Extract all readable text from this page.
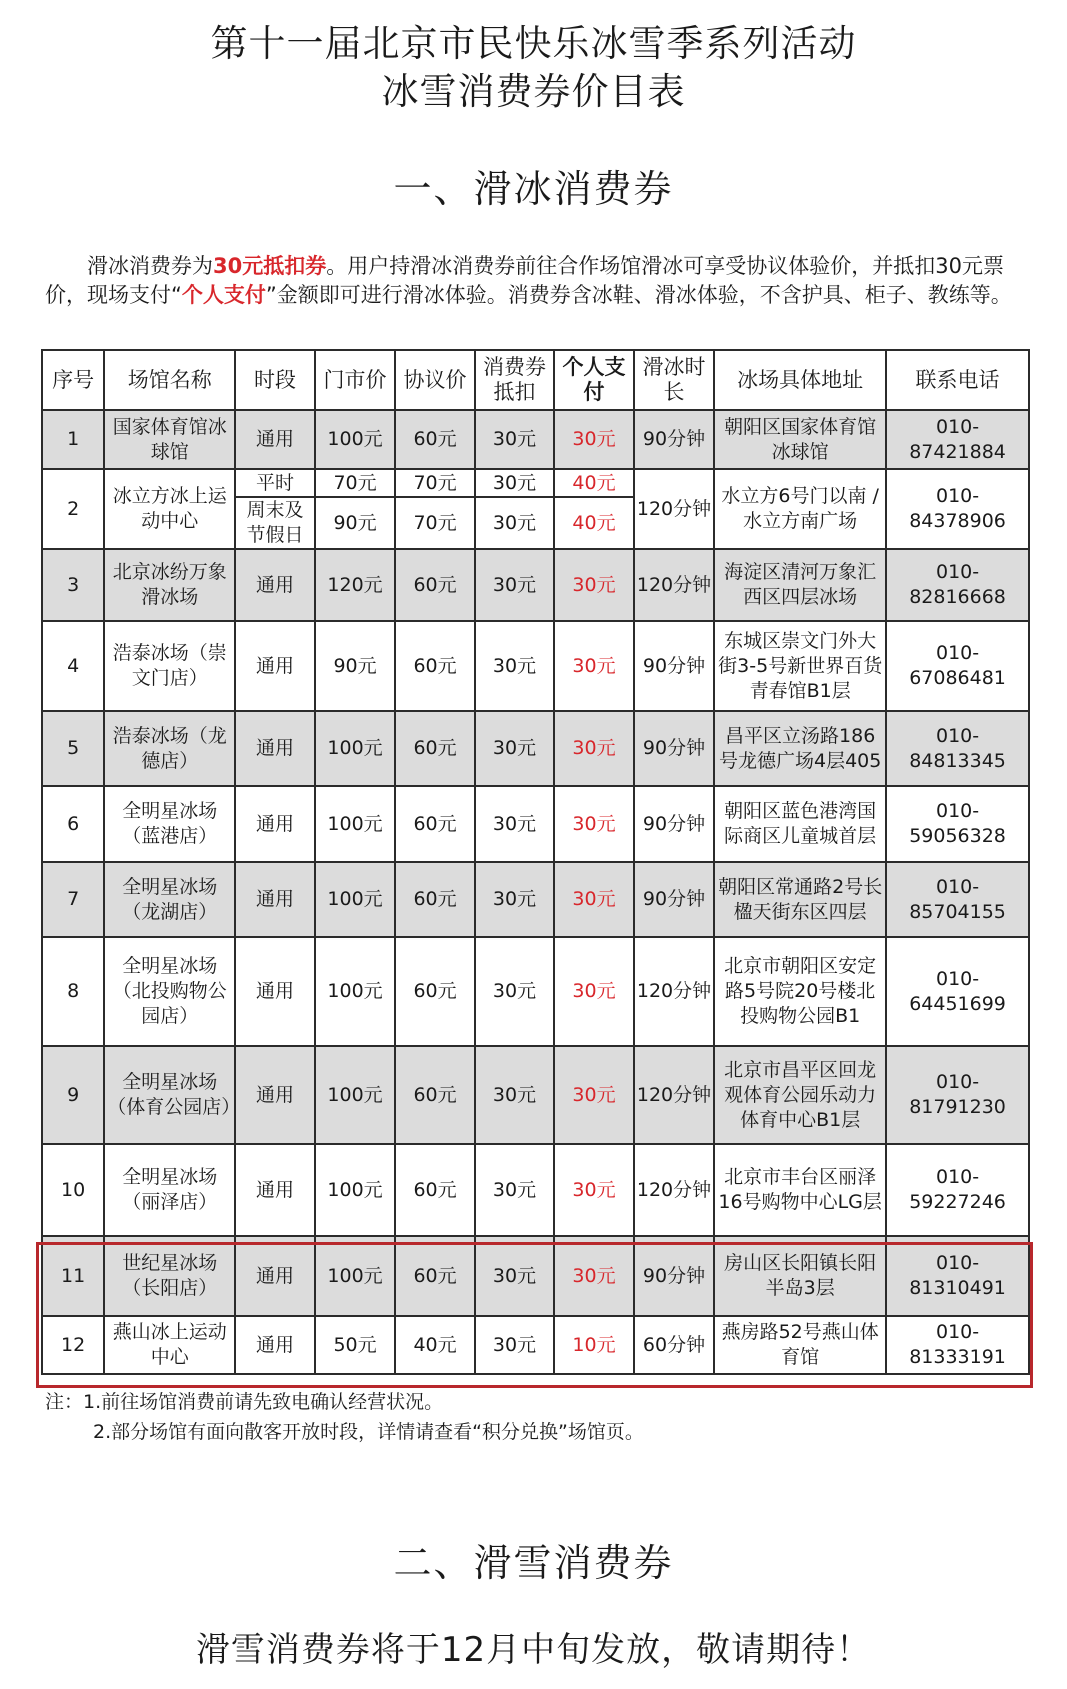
第十一届北京市民快乐冰雪季系列活动
冰雪消费券价目表
一、滑冰消费券
  滑冰消费券为30元抵扣券。用户持滑冰消费券前往合作场馆滑冰可享受协议体验价，并抵扣30元票价，现场支付“个人支付”金额即可进行滑冰体验。消费券含冰鞋、滑冰体验，不含护具、柜子、教练等。
序号	场馆名称	时段	门市价	协议价	消费券抵扣	个人支付	滑冰时长	冰场具体地址	联系电话
1	国家体育馆冰球馆	通用	100元	60元	30元	30元	90分钟	朝阳区国家体育馆冰球馆	010-87421884
2	冰立方冰上运动中心	平时	70元	70元	30元	40元	120分钟	水立方6号门以南 / 水立方南广场	010-84378906
		周末及节假日	90元	70元	30元	40元			
3	北京冰纷万象滑冰场	通用	120元	60元	30元	30元	120分钟	海淀区清河万象汇西区四层冰场	010-82816668
4	浩泰冰场（崇文门店）	通用	90元	60元	30元	30元	90分钟	东城区崇文门外大街3-5号新世界百货青春馆B1层	010-67086481
5	浩泰冰场（龙德店）	通用	100元	60元	30元	30元	90分钟	昌平区立汤路186号龙德广场4层405	010-84813345
6	全明星冰场（蓝港店）	通用	100元	60元	30元	30元	90分钟	朝阳区蓝色港湾国际商区儿童城首层	010-59056328
7	全明星冰场（龙湖店）	通用	100元	60元	30元	30元	90分钟	朝阳区常通路2号长楹天街东区四层	010-85704155
8	全明星冰场（北投购物公园店）	通用	100元	60元	30元	30元	120分钟	北京市朝阳区安定路5号院20号楼北投购物公园B1	010-64451699
9	全明星冰场（体育公园店）	通用	100元	60元	30元	30元	120分钟	北京市昌平区回龙观体育公园乐动力体育中心B1层	010-81791230
10	全明星冰场（丽泽店）	通用	100元	60元	30元	30元	120分钟	北京市丰台区丽泽16号购物中心LG层	010-59227246
11	世纪星冰场（长阳店）	通用	100元	60元	30元	30元	90分钟	房山区长阳镇长阳半岛3层	010-81310491
12	燕山冰上运动中心	通用	50元	40元	30元	10元	60分钟	燕房路52号燕山体育馆	010-81333191
注：1.前往场馆消费前请先致电确认经营状况。
2.部分场馆有面向散客开放时段，详情请查看“积分兑换”场馆页。
二、滑雪消费券
滑雪消费券将于12月中旬发放，敬请期待！
